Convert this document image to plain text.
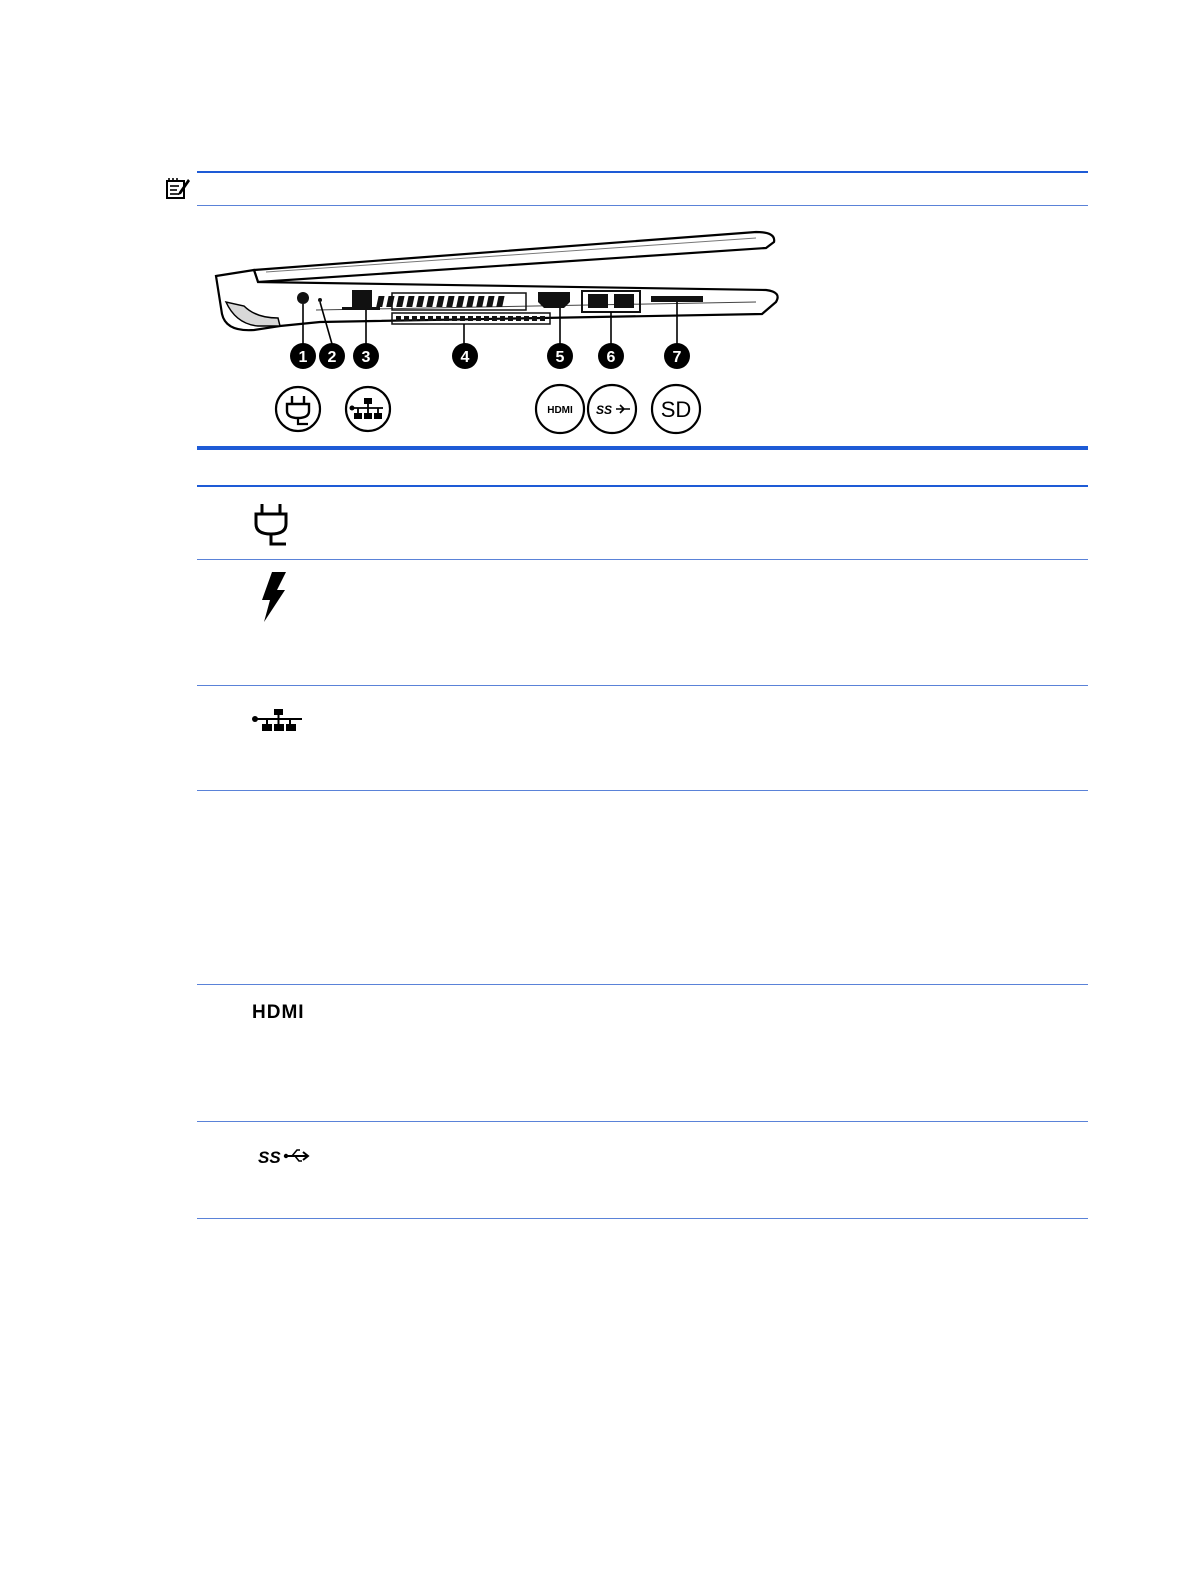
1 2 3	4	5	6	7
HDMI SS SD
HDMI
SS
